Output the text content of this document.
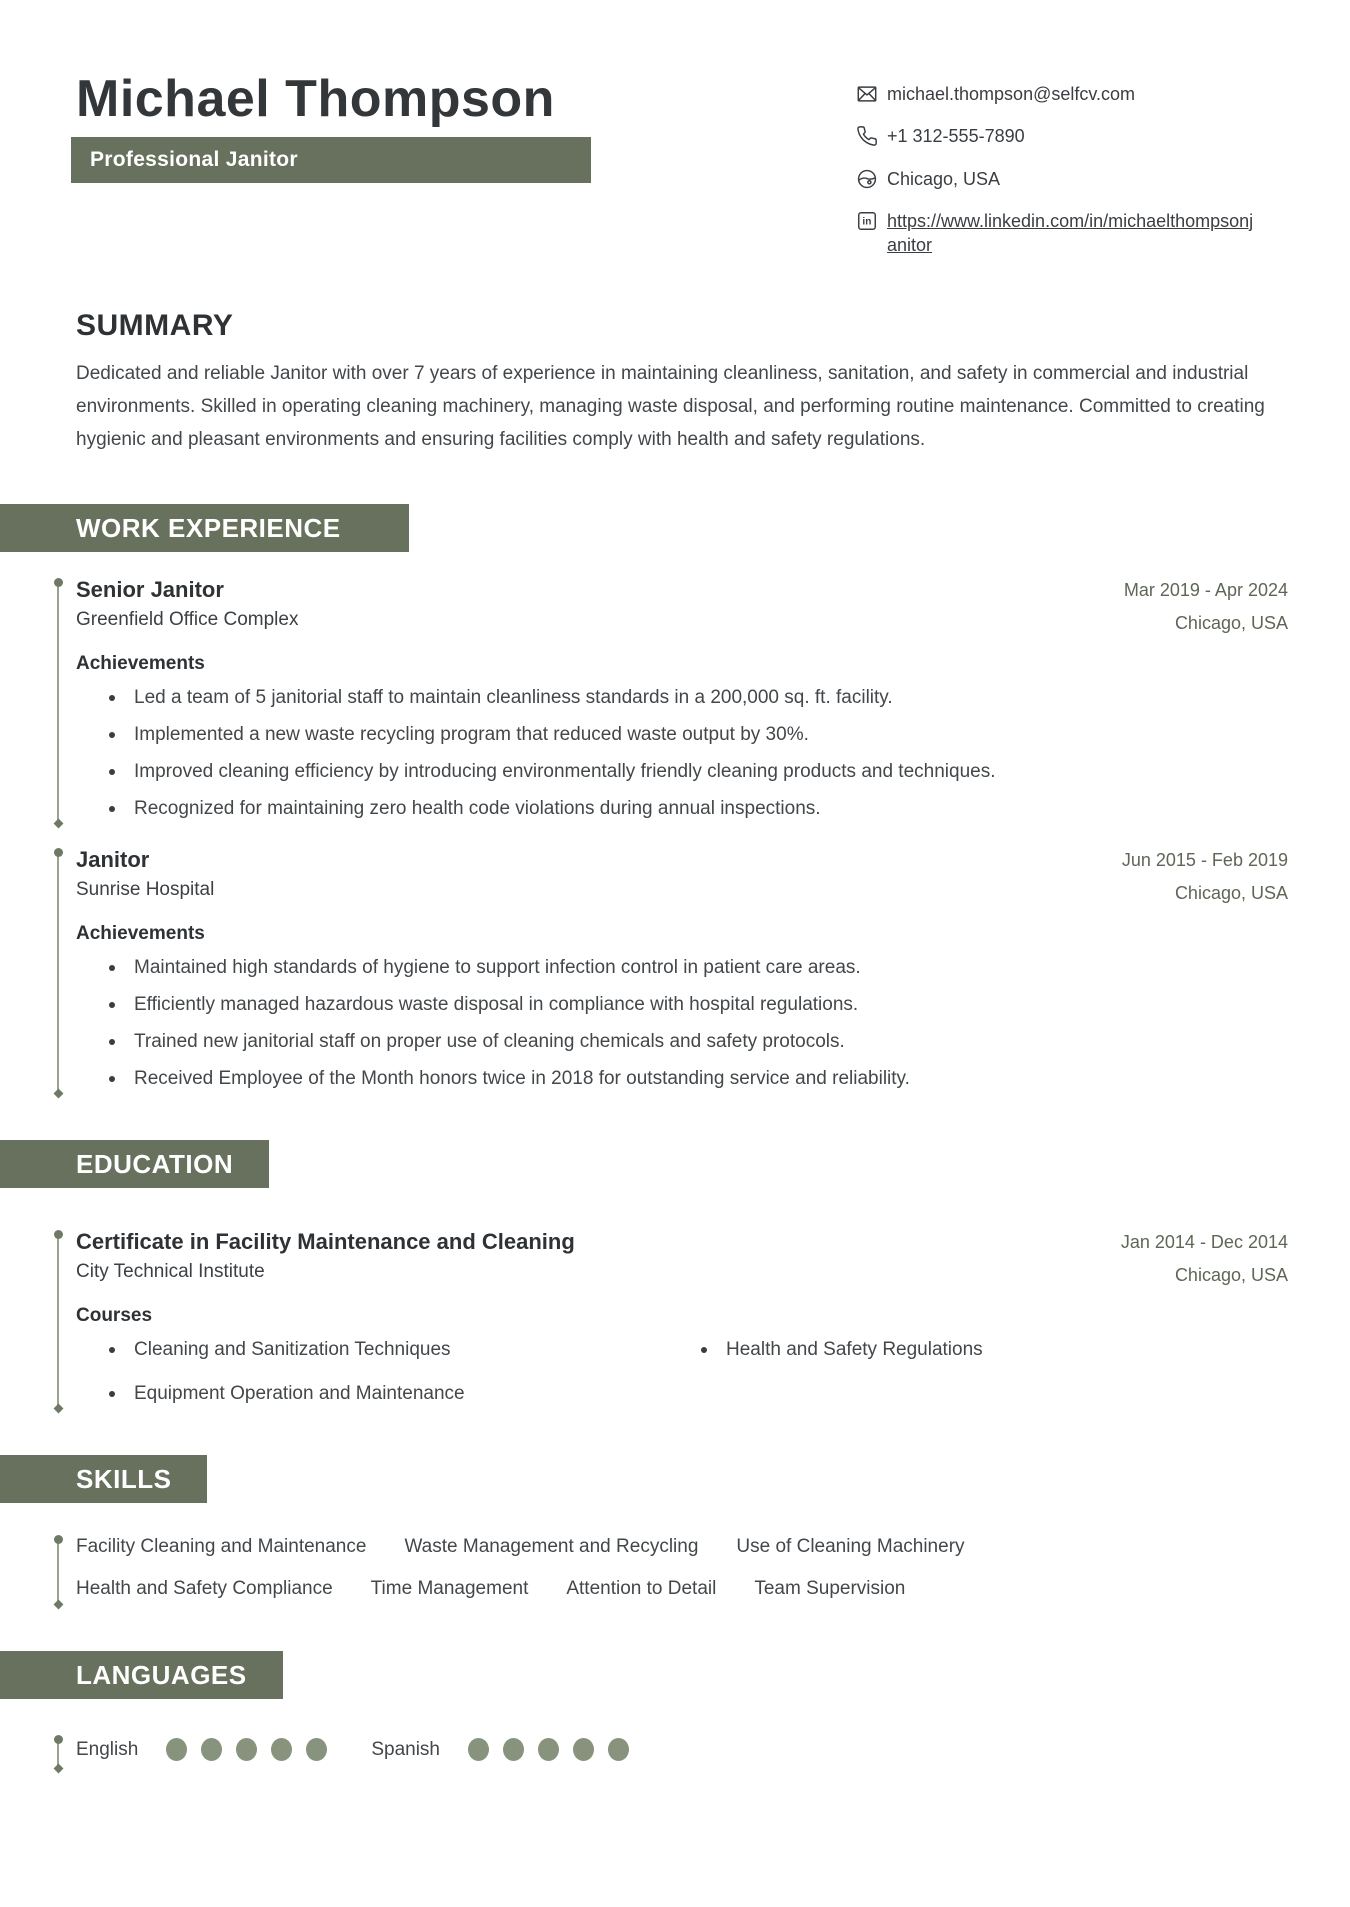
Michael Thompson
Professional Janitor
michael.thompson@selfcv.com
+1 312-555-7890
Chicago, USA
in https://www.linkedin.com/in/michaelthompsonjanitor
SUMMARY

Dedicated and reliable Janitor with over 7 years of experience in maintaining cleanliness, sanitation, and safety in commercial and industrial environments. Skilled in operating cleaning machinery, managing waste disposal, and performing routine maintenance. Committed to creating hygienic and pleasant environments and ensuring facilities comply with health and safety regulations.

WORK EXPERIENCE
Senior Janitor
Greenfield Office Complex
Mar 2019 - Apr 2024
Chicago, USA
Achievements
Led a team of 5 janitorial staff to maintain cleanliness standards in a 200,000 sq. ft. facility.
Implemented a new waste recycling program that reduced waste output by 30%.
Improved cleaning efficiency by introducing environmentally friendly cleaning products and techniques.
Recognized for maintaining zero health code violations during annual inspections.
Janitor
Sunrise Hospital
Jun 2015 - Feb 2019
Chicago, USA
Achievements
Maintained high standards of hygiene to support infection control in patient care areas.
Efficiently managed hazardous waste disposal in compliance with hospital regulations.
Trained new janitorial staff on proper use of cleaning chemicals and safety protocols.
Received Employee of the Month honors twice in 2018 for outstanding service and reliability.
EDUCATION
Certificate in Facility Maintenance and Cleaning
City Technical Institute
Jan 2014 - Dec 2014
Chicago, USA
Courses
Cleaning and Sanitization Techniques	Health and Safety Regulations
Equipment Operation and Maintenance
SKILLS
Facility Cleaning and Maintenance Waste Management and Recycling Use of Cleaning Machinery
Health and Safety Compliance Time Management Attention to Detail Team Supervision
LANGUAGES
English	Spanish
